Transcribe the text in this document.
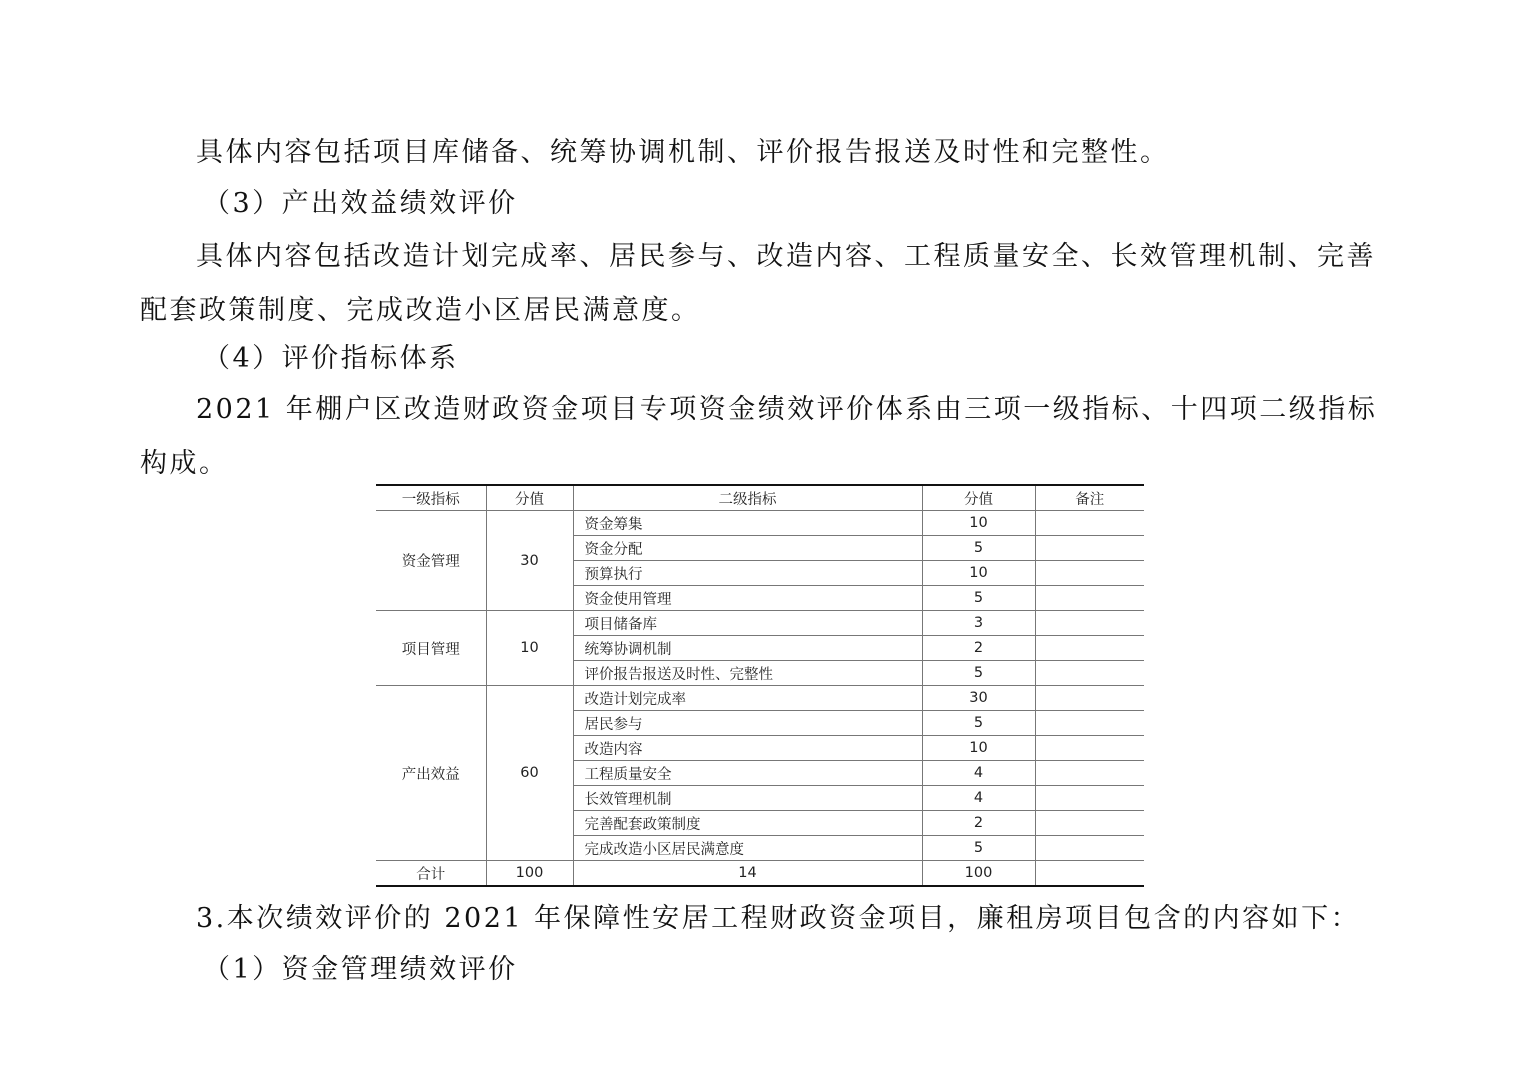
具体内容包括项目库储备、统筹协调机制、评价报告报送及时性和完整性。
（3）产出效益绩效评价
具体内容包括改造计划完成率、居民参与、改造内容、工程质量安全、长效管理机制、完善配套政策制度、完成改造小区居民满意度。
（4）评价指标体系
2021 年棚户区改造财政资金项目专项资金绩效评价体系由三项一级指标、十四项二级指标构成。
一级指标	分值	二级指标	分值	备注
资金管理	30	资金筹集	10	
		资金分配	5	
		预算执行	10	
		资金使用管理	5	
项目管理	10	项目储备库	3	
		统筹协调机制	2	
		评价报告报送及时性、完整性	5	
产出效益	60	改造计划完成率	30	
		居民参与	5	
		改造内容	10	
		工程质量安全	4	
		长效管理机制	4	
		完善配套政策制度	2	
		完成改造小区居民满意度	5	
合计	100	14	100	
3.本次绩效评价的 2021 年保障性安居工程财政资金项目，廉租房项目包含的内容如下：
（1）资金管理绩效评价
